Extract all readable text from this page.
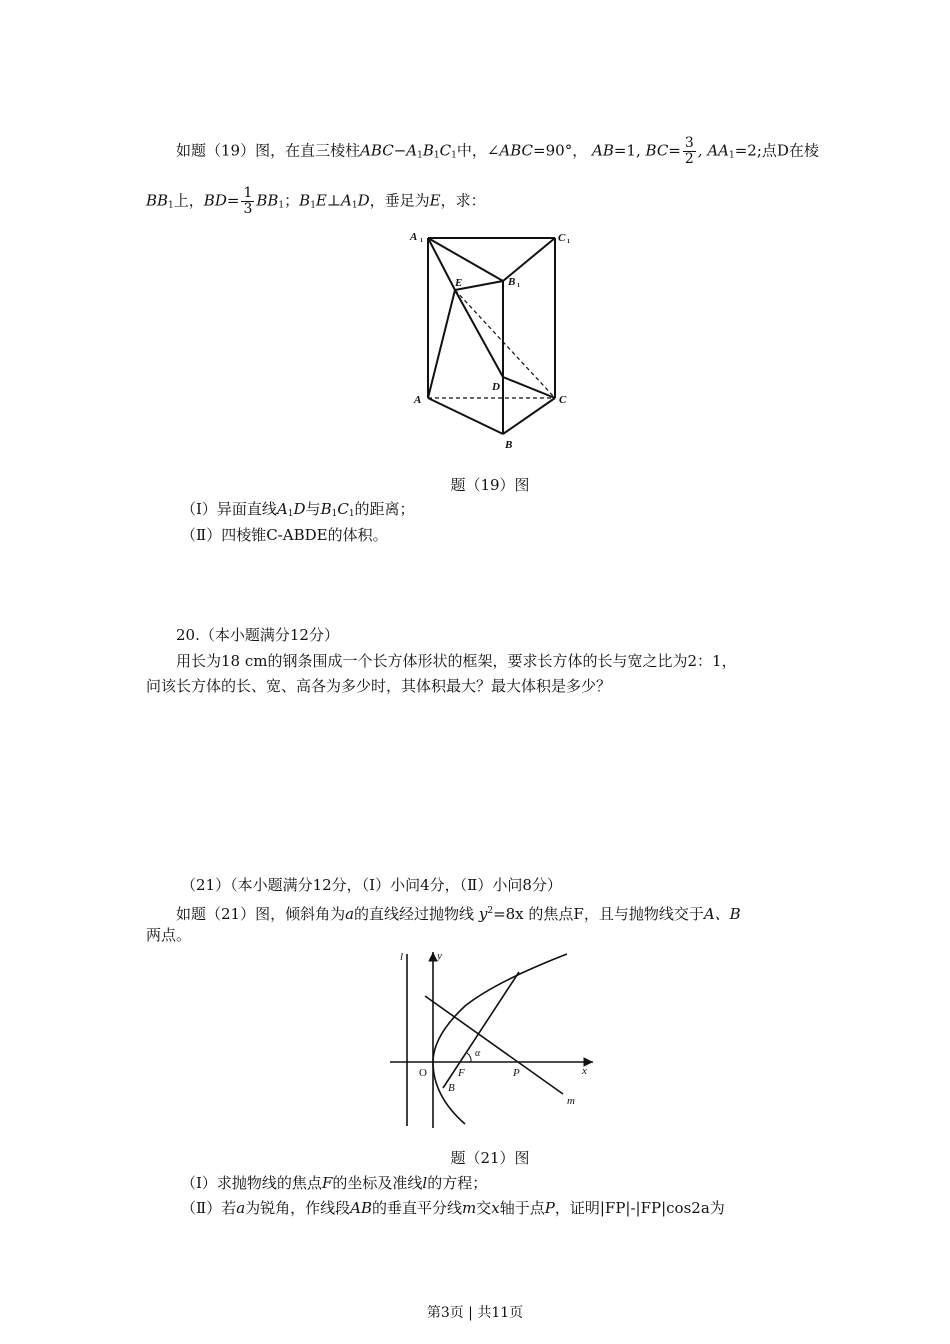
如题（19）图，在直三棱柱$ABC-A_1B_1C_1$中，∠ABC=90°， AB=1, $BC= \frac{3}{2}$ , $AA_1=2$;点D在棱
$BB_1$上，$BD= \frac{1}{3} BB_1$；$B_1E\perp A_1D$，垂足为E，求：
A 1	C 1
B 1
E
D
A	C
B
题（19）图
（Ⅰ）异面直线$A_1D$与$B_1C_1$的距离；
（Ⅱ）四棱锥C-ABDE的体积。
20.（本小题满分12分）
用长为18 cm的钢条围成一个长方体形状的框架，要求长方体的长与宽之比为2：1，
问该长方体的长、宽、高各为多少时，其体积最大？最大体积是多少？
（21）（本小题满分12分，（Ⅰ）小问4分，（Ⅱ）小问8分）
如题（21）图，倾斜角为a的直线经过抛物线 $y^2=8x$ 的焦点F，且与抛物线交于A、B
两点。
l	y
x
O	F	P
B
m
α
题（21）图
（Ⅰ）求抛物线的焦点F的坐标及准线l的方程；
（Ⅱ）若a为锐角，作线段AB的垂直平分线m交x轴于点P，证明|FP|-|FP|cos2a为
第3页 | 共11页
